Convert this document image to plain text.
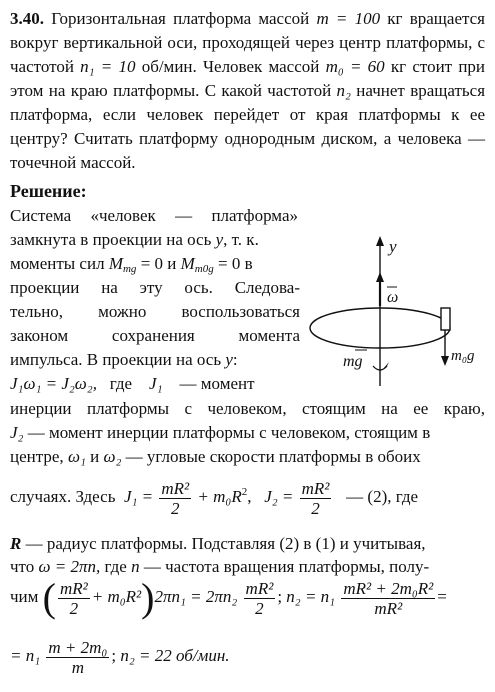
3.40. Горизонтальная платформа массой m = 100 кг вращается
вокруг вертикальной оси, проходящей через центр платформы, с
частотой n₁ = 10 об/мин. Человек массой m₀ = 60 кг стоит при
этом на краю платформы. С какой частотой n₂ начнет вращаться
платформа, если человек перейдет от края платформы к ее
центру? Считать платформу однородным диском, а человека —
точечной массой.
Решение:
Система «человек — платформа»
замкнута в проекции на ось y, т. к.
моменты сил $M_{mg} = 0$ и $M_{m0g} = 0$ в
проекции на эту ось. Следова-
тельно, можно воспользоваться
законом сохранения момента
импульса. В проекции на ось y:
J₁ω₁ = J₂ω₂, где J₁ — момент
инерции платформы с человеком, стоящим на ее краю,
J₂ — момент инерции платформы с человеком, стоящим в
центре, ω₁ и ω₂ — угловые скорости платформы в обоих
случаях. Здесь $J_1 = \frac{\text{mR²}}{2} + m_0R^2$, $J_2 = \frac{\text{mR²}}{2}$ — (2), где
R — радиус платформы. Подставляя (2) в (1) и учитывая,
что ω = 2πn, где n — частота вращения платформы, полу-
чим ( $\frac{\text{mR²}}{2} + m_0R^2)2\pi n_1 = 2\pi n_2 \frac{\text{mR²}}{2}$ ; $n_2 = n_1 \frac{\text{mR² + 2m₀R²}}{\text{mR²}}$ =
= $n_1 \frac{\text{m + 2m₀}}{m}$ ; n₂ = 22 об/мин.
y
ω
m₀g
mg
